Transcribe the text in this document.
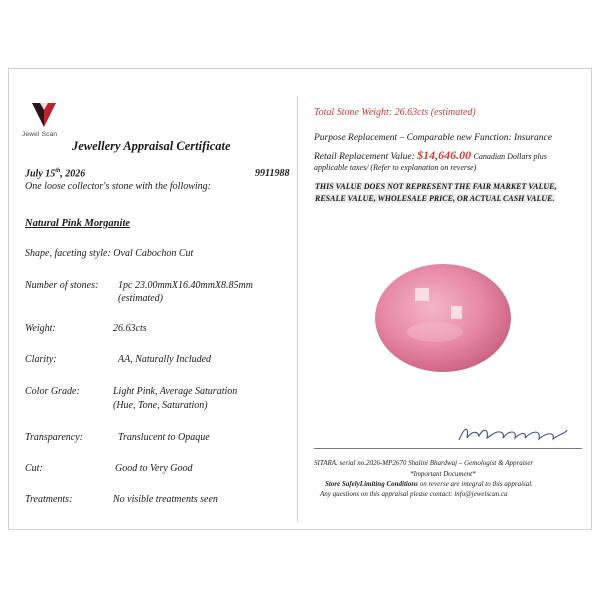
Jewel Scan
Jewellery Appraisal Certificate
July 15th, 2026	9911988
One loose collector's stone with the following:
Natural Pink Morganite
Shape, faceting style: Oval Cabochon Cut
Number of stones: 1pc 23.00mmX16.40mmX8.85mm
(estimated)
Weight:	26.63cts
Clarity:	AA, Naturally Included
Color Grade:	Light Pink, Average Saturation
(Hue, Tone, Saturation)
Transparency:	Translucent to Opaque
Cut:	Good to Very Good
Treatments:	No visible treatments seen
Total Stone Weight: 26.63cts (estimated)
Purpose Replacement – Comparable new Function: Insurance
Retail Replacement Value: $14,646.00 Canadian Dollars plus
applicable taxes/ (Refer to explanation on reverse)
THIS VALUE DOES NOT REPRESENT THE FAIR MARKET VALUE,
RESALE VALUE, WHOLESALE PRICE, OR ACTUAL CASH VALUE.
SITARA. serial no.2026-MP2670 Shalini Bhardwaj – Gemologist & Appraiser
*Important Document*
Store SafelyLimiting Conditions on reverse are integral to this appraisal.
Any questions on this appraisal please contact: info@jewelscan.ca
